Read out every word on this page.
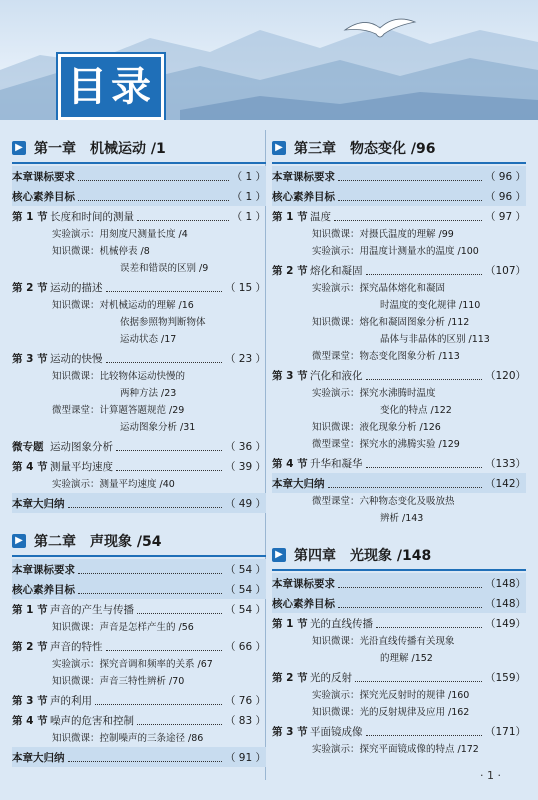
目录
▶ 第一章　机械运动 /1
本章课标要求	（ 1 ）
核心素养目标	（ 1 ）
第 1 节 长度和时间的测量	（ 1 ）
实验演示：用刻度尺测量长度 /4
知识微课：机械停表 /8
误差和错误的区别 /9
第 2 节 运动的描述	（ 15 ）
知识微课：对机械运动的理解 /16
依据参照物判断物体
运动状态 /17
第 3 节 运动的快慢	（ 23 ）
知识微课：比较物体运动快慢的
两种方法 /23
微型课堂：计算题答题规范 /29
运动图象分析 /31
微专题 运动图象分析	（ 36 ）
第 4 节 测量平均速度	（ 39 ）
实验演示：测量平均速度 /40
本章大归纳	（ 49 ）
▶ 第二章　声现象 /54
本章课标要求	（ 54 ）
核心素养目标	（ 54 ）
第 1 节 声音的产生与传播	（ 54 ）
知识微课：声音是怎样产生的 /56
第 2 节 声音的特性	（ 66 ）
实验演示：探究音调和频率的关系 /67
知识微课：声音三特性辨析 /70
第 3 节 声的利用	（ 76 ）
第 4 节 噪声的危害和控制	（ 83 ）
知识微课：控制噪声的三条途径 /86
本章大归纳	（ 91 ）
▶ 第三章　物态变化 /96
本章课标要求	（ 96 ）
核心素养目标	（ 96 ）
第 1 节 温度	（ 97 ）
知识微课：对摄氏温度的理解 /99
实验演示：用温度计测量水的温度 /100
第 2 节 熔化和凝固	（107）
实验演示：探究晶体熔化和凝固
时温度的变化规律 /110
知识微课：熔化和凝固图象分析 /112
晶体与非晶体的区别 /113
微型课堂：物态变化图象分析 /113
第 3 节 汽化和液化	（120）
实验演示：探究水沸腾时温度
变化的特点 /122
知识微课：液化现象分析 /126
微型课堂：探究水的沸腾实验 /129
第 4 节 升华和凝华	（133）
本章大归纳	（142）
微型课堂：六种物态变化及吸放热
辨析 /143
▶ 第四章　光现象 /148
本章课标要求	（148）
核心素养目标	（148）
第 1 节 光的直线传播	（149）
知识微课：光沿直线传播有关现象
的理解 /152
第 2 节 光的反射	（159）
实验演示：探究光反射时的规律 /160
知识微课：光的反射规律及应用 /162
第 3 节 平面镜成像	（171）
实验演示：探究平面镜成像的特点 /172
· 1 ·
